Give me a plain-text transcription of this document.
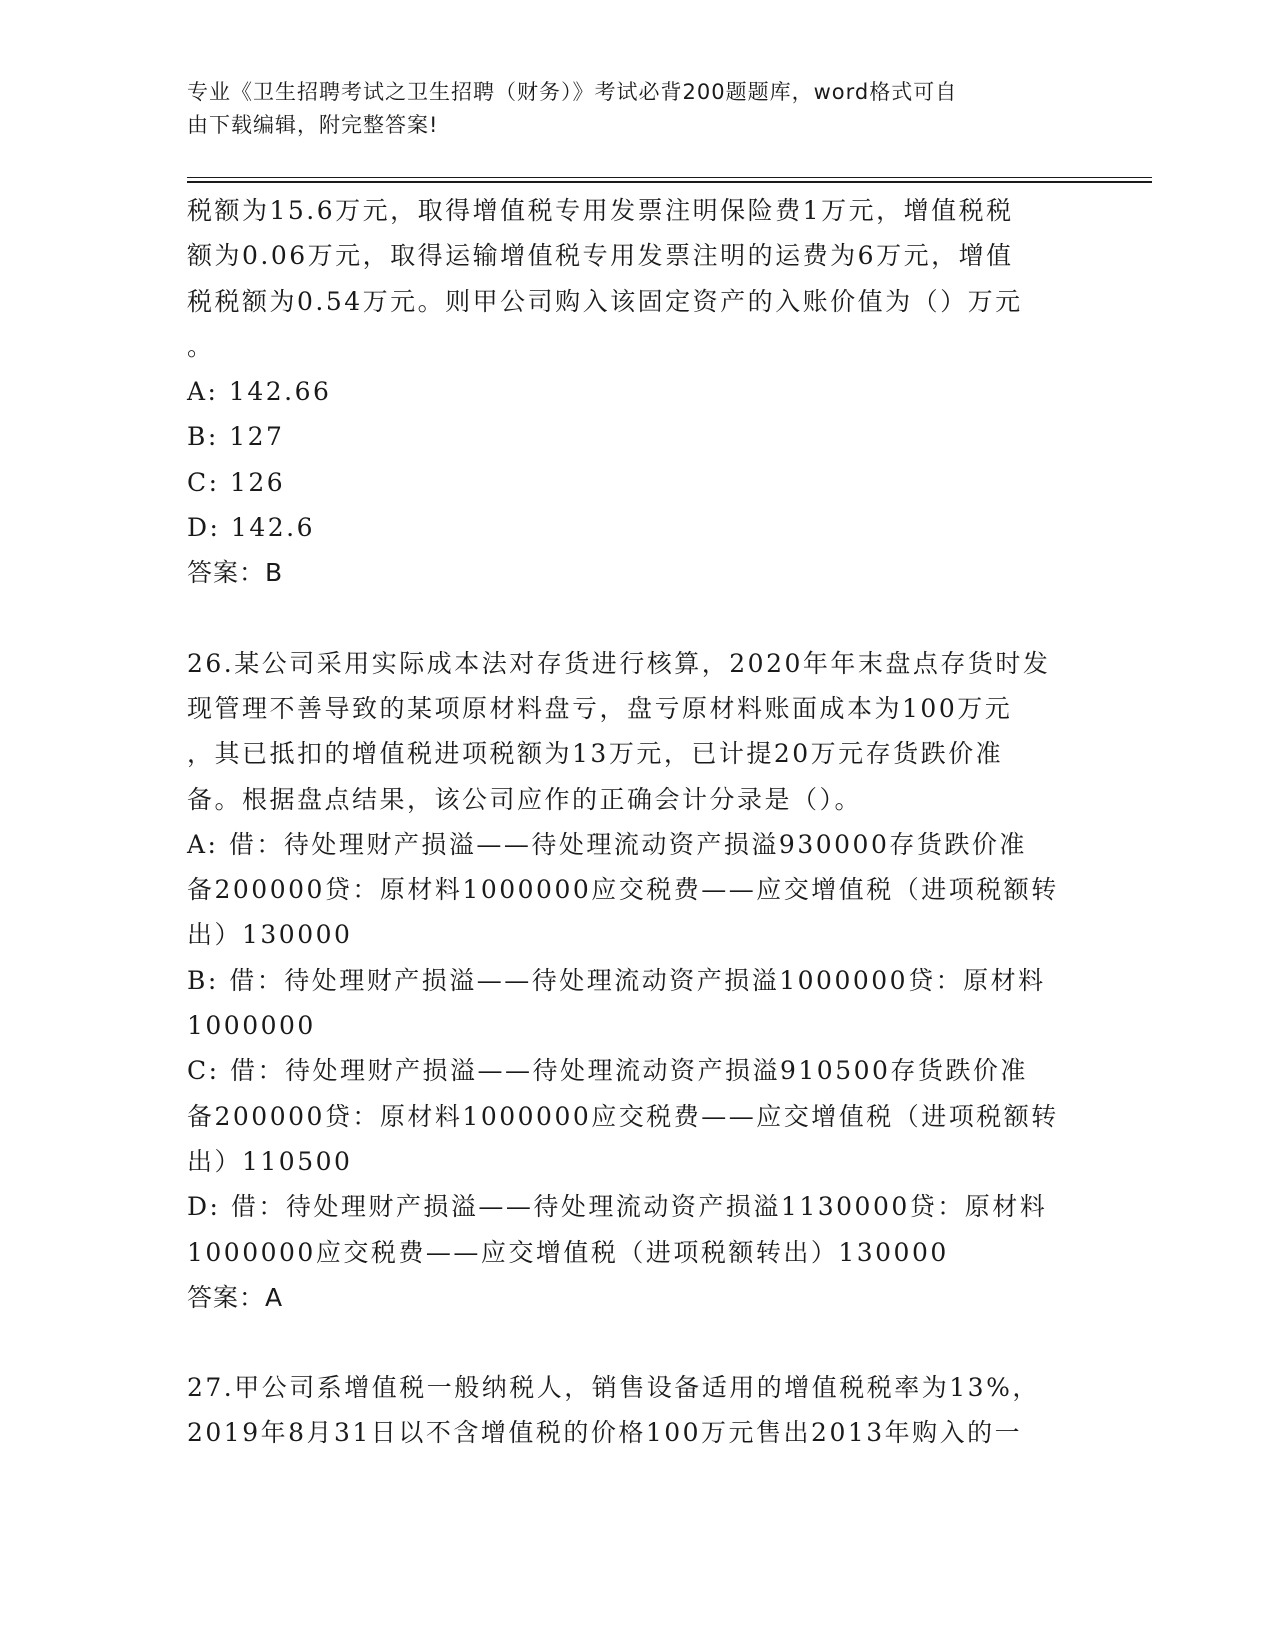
专业《卫生招聘考试之卫生招聘（财务）》考试必背200题题库，word格式可自
由下载编辑，附完整答案!

税额为15.6万元，取得增值税专用发票注明保险费1万元，增值税税

额为0.06万元，取得运输增值税专用发票注明的运费为6万元，增值

税税额为0.54万元。则甲公司购入该固定资产的入账价值为（）万元

。

A: 142.66

B: 127

C: 126

D: 142.6

答案：B

26.某公司采用实际成本法对存货进行核算，2020年年末盘点存货时发

现管理不善导致的某项原材料盘亏，盘亏原材料账面成本为100万元

，其已抵扣的增值税进项税额为13万元，已计提20万元存货跌价准

备。根据盘点结果，该公司应作的正确会计分录是（）。

A: 借：待处理财产损溢——待处理流动资产损溢930000存货跌价准

备200000贷：原材料1000000应交税费——应交增值税（进项税额转

出）130000

B: 借：待处理财产损溢——待处理流动资产损溢1000000贷：原材料

1000000

C: 借：待处理财产损溢——待处理流动资产损溢910500存货跌价准

备200000贷：原材料1000000应交税费——应交增值税（进项税额转

出）110500

D: 借：待处理财产损溢——待处理流动资产损溢1130000贷：原材料

1000000应交税费——应交增值税（进项税额转出）130000

答案：A

27.甲公司系增值税一般纳税人，销售设备适用的增值税税率为13%，

2019年8月31日以不含增值税的价格100万元售出2013年购入的一
